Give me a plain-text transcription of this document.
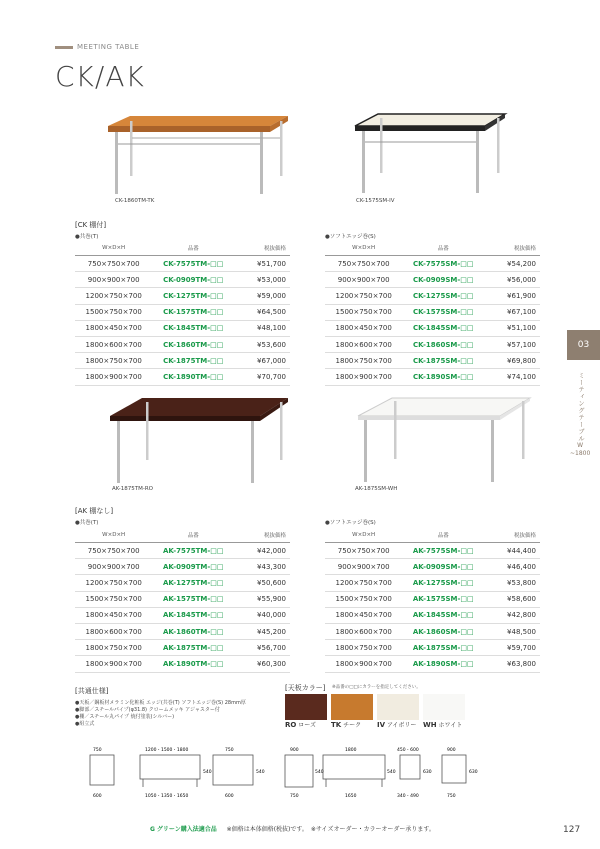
MEETING TABLE
CK/AK
CK-1860TM-TK	CK-1575SM-IV
[CK 棚付]
●共巻(T)	●ソフトエッジ巻(S)
W×D×H	品番	税抜価格
750×750×700	CK-7575TM-□□	¥51,700
900×900×700	CK-0909TM-□□	¥53,000
1200×750×700	CK-1275TM-□□	¥59,000
1500×750×700	CK-1575TM-□□	¥64,500
1800×450×700	CK-1845TM-□□	¥48,100
1800×600×700	CK-1860TM-□□	¥53,600
1800×750×700	CK-1875TM-□□	¥67,000
1800×900×700	CK-1890TM-□□	¥70,700
W×D×H	品番	税抜価格
750×750×700	CK-7575SM-□□	¥54,200
900×900×700	CK-0909SM-□□	¥56,000
1200×750×700	CK-1275SM-□□	¥61,900
1500×750×700	CK-1575SM-□□	¥67,100
1800×450×700	CK-1845SM-□□	¥51,100
1800×600×700	CK-1860SM-□□	¥57,100
1800×750×700	CK-1875SM-□□	¥69,800
1800×900×700	CK-1890SM-□□	¥74,100
03
ミーティングテーブル
W
~1800
AK-1875TM-RO	AK-1875SM-WH
[AK 棚なし]
●共巻(T)	●ソフトエッジ巻(S)
W×D×H	品番	税抜価格
750×750×700	AK-7575TM-□□	¥42,000
900×900×700	AK-0909TM-□□	¥43,300
1200×750×700	AK-1275TM-□□	¥50,600
1500×750×700	AK-1575TM-□□	¥55,900
1800×450×700	AK-1845TM-□□	¥40,000
1800×600×700	AK-1860TM-□□	¥45,200
1800×750×700	AK-1875TM-□□	¥56,700
1800×900×700	AK-1890TM-□□	¥60,300
W×D×H	品番	税抜価格
750×750×700	AK-7575SM-□□	¥44,400
900×900×700	AK-0909SM-□□	¥46,400
1200×750×700	AK-1275SM-□□	¥53,800
1500×750×700	AK-1575SM-□□	¥58,600
1800×450×700	AK-1845SM-□□	¥42,800
1800×600×700	AK-1860SM-□□	¥48,500
1800×750×700	AK-1875SM-□□	¥59,700
1800×900×700	AK-1890SM-□□	¥63,800
[共通仕様]
●天板／鋼板材メラミン化粧板 エッジ(共巻(T) ソフトエッジ巻(S) 28mm厚
●脚部／スチールパイプ(φ31.8) クロームメッキ アジャスター付
●棚／スチール丸パイプ 焼付塗装(シルバー)
●組立式
[天板カラー] ※品番の□□にカラーを指定してください。
RO ローズ	TK チーク	IV アイボリー WH ホワイト
750
600
1200・1500・1800
1050・1350・1650
540
750
600
540
900
750
540
1800
1650
540
450・600
340・490
630
900
750
630
G グリーン購入法適合品 ※価格は本体価格(税抜)です。　※サイズオーダー・カラーオーダー承ります。	127
